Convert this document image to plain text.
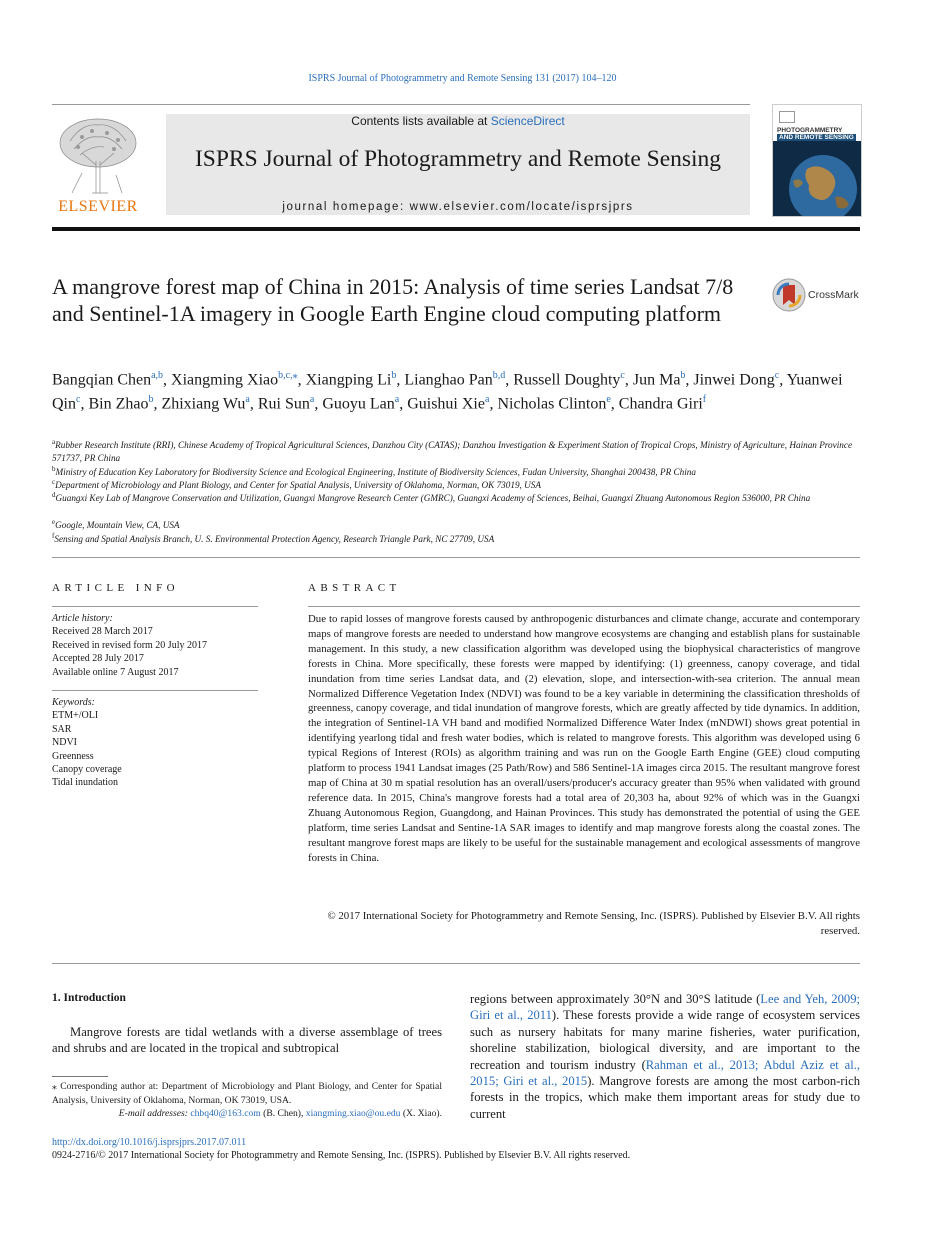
ISPRS Journal of Photogrammetry and Remote Sensing 131 (2017) 104–120
ELSEVIER
Contents lists available at ScienceDirect
ISPRS Journal of Photogrammetry and Remote Sensing
journal homepage: www.elsevier.com/locate/isprsjprs
PHOTOGRAMMETRY
AND REMOTE SENSING
A mangrove forest map of China in 2015: Analysis of time series Landsat 7/8 and Sentinel-1A imagery in Google Earth Engine cloud computing platform
CrossMark
Bangqian Chen$^{a,b}$, Xiangming Xiao$^{b,c,⁎}$, Xiangping Li$^b$, Lianghao Pan$^{b,d}$, Russell Doughty$^c$, Jun Ma$^b$, Jinwei Dong$^c$, Yuanwei Qin$^c$, Bin Zhao$^b$, Zhixiang Wu$^a$, Rui Sun$^a$, Guoyu Lan$^a$, Guishui Xie$^a$, Nicholas Clinton$^e$, Chandra Giri$^f$
$^a$Rubber Research Institute (RRI), Chinese Academy of Tropical Agricultural Sciences, Danzhou City (CATAS); Danzhou Investigation & Experiment Station of Tropical Crops, Ministry of Agriculture, Hainan Province 571737, PR China
$^b$Ministry of Education Key Laboratory for Biodiversity Science and Ecological Engineering, Institute of Biodiversity Sciences, Fudan University, Shanghai 200438, PR China
$^c$Department of Microbiology and Plant Biology, and Center for Spatial Analysis, University of Oklahoma, Norman, OK 73019, USA
$^d$Guangxi Key Lab of Mangrove Conservation and Utilization, Guangxi Mangrove Research Center (GMRC), Guangxi Academy of Sciences, Beihai, Guangxi Zhuang Autonomous Region 536000, PR China
$^e$Google, Mountain View, CA, USA
$^f$Sensing and Spatial Analysis Branch, U. S. Environmental Protection Agency, Research Triangle Park, NC 27709, USA
ARTICLE INFO
Article history:
Received 28 March 2017
Received in revised form 20 July 2017
Accepted 28 July 2017
Available online 7 August 2017
Keywords:
ETM+/OLI
SAR
NDVI
Greenness
Canopy coverage
Tidal inundation
ABSTRACT
Due to rapid losses of mangrove forests caused by anthropogenic disturbances and climate change, accurate and contemporary maps of mangrove forests are needed to understand how mangrove ecosystems are changing and establish plans for sustainable management. In this study, a new classification algorithm was developed using the biophysical characteristics of mangrove forests in China. More specifically, these forests were mapped by identifying: (1) greenness, canopy coverage, and tidal inundation from time series Landsat data, and (2) elevation, slope, and intersection-with-sea criterion. The annual mean Normalized Difference Vegetation Index (NDVI) was found to be a key variable in determining the classification thresholds of greenness, canopy coverage, and tidal inundation of mangrove forests, which are greatly affected by tide dynamics. In addition, the integration of Sentinel-1A VH band and modified Normalized Difference Water Index (mNDWI) shows great potential in identifying yearlong tidal and fresh water bodies, which is related to mangrove forests. This algorithm was developed using 6 typical Regions of Interest (ROIs) as algorithm training and was run on the Google Earth Engine (GEE) cloud computing platform to process 1941 Landsat images (25 Path/Row) and 586 Sentinel-1A images circa 2015. The resultant mangrove forest map of China at 30 m spatial resolution has an overall/users/producer's accuracy greater than 95% when validated with ground reference data. In 2015, China's mangrove forests had a total area of 20,303 ha, about 92% of which was in the Guangxi Zhuang Autonomous Region, Guangdong, and Hainan Provinces. This study has demonstrated the potential of using the GEE platform, time series Landsat and Sentine-1A SAR images to identify and map mangrove forests along the coastal zones. The resultant mangrove forest maps are likely to be useful for the sustainable management and ecological assessments of mangrove forests in China.
© 2017 International Society for Photogrammetry and Remote Sensing, Inc. (ISPRS). Published by Elsevier B.V. All rights reserved.
1. Introduction
Mangrove forests are tidal wetlands with a diverse assemblage of trees and shrubs and are located in the tropical and subtropical
regions between approximately 30°N and 30°S latitude (Lee and Yeh, 2009; Giri et al., 2011). These forests provide a wide range of ecosystem services such as nursery habitats for many marine fisheries, water purification, shoreline stabilization, biological diversity, and are important to the recreation and tourism industry (Rahman et al., 2013; Abdul Aziz et al., 2015; Giri et al., 2015). Mangrove forests are among the most carbon-rich forests in the tropics, which make them important areas for study due to current
⁎ Corresponding author at: Department of Microbiology and Plant Biology, and Center for Spatial Analysis, University of Oklahoma, Norman, OK 73019, USA.
E-mail addresses: chbq40@163.com (B. Chen), xiangming.xiao@ou.edu (X. Xiao).
http://dx.doi.org/10.1016/j.isprsjprs.2017.07.011
0924-2716/© 2017 International Society for Photogrammetry and Remote Sensing, Inc. (ISPRS). Published by Elsevier B.V. All rights reserved.
